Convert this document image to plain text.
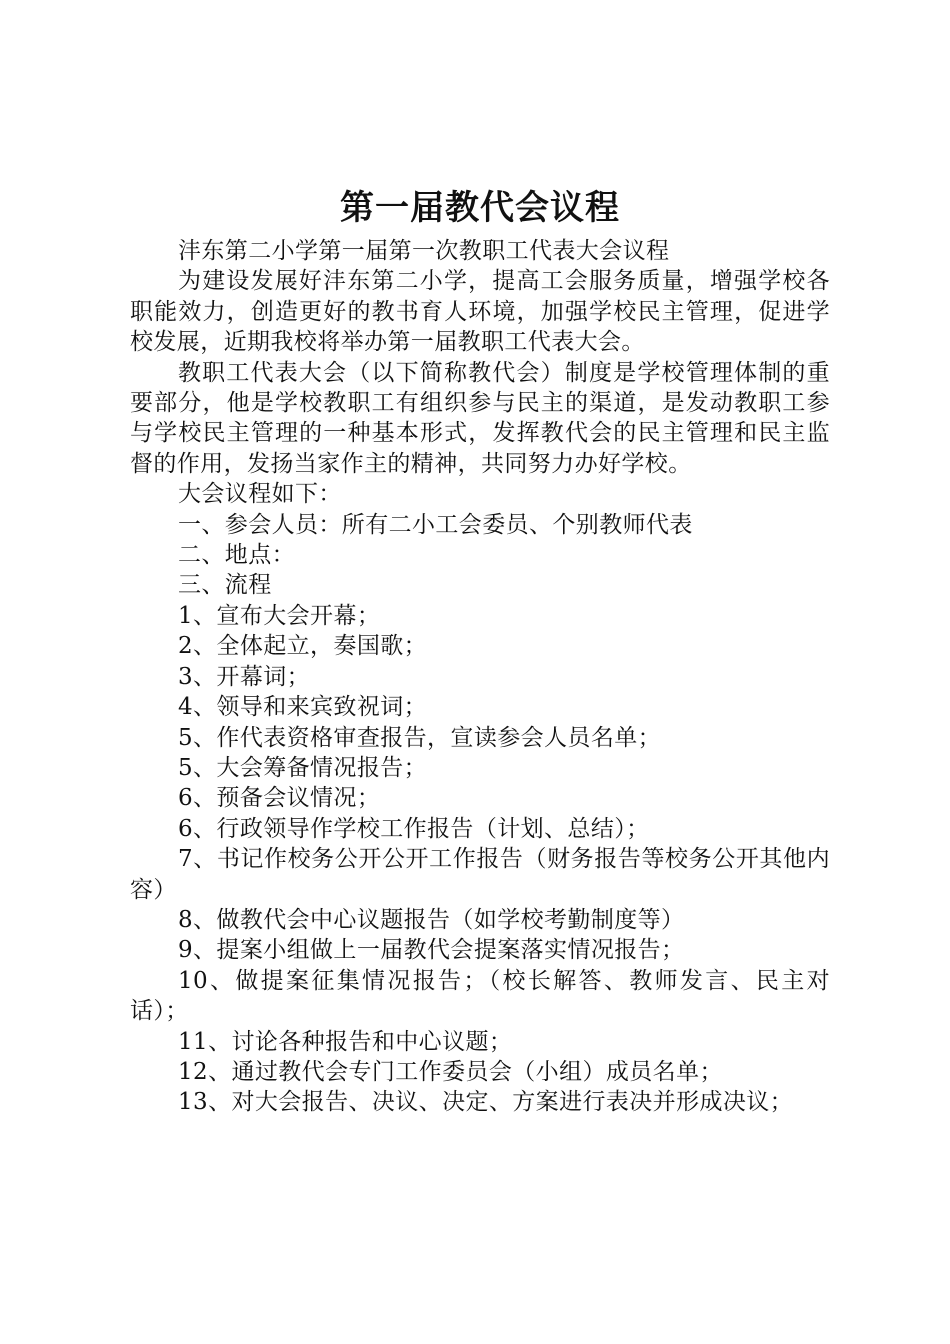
第一届教代会议程

沣东第二小学第一届第一次教职工代表大会议程

为建设发展好沣东第二小学，提高工会服务质量，增强学校各职能效力，创造更好的教书育人环境，加强学校民主管理，促进学校发展，近期我校将举办第一届教职工代表大会。

教职工代表大会（以下简称教代会）制度是学校管理体制的重要部分，他是学校教职工有组织参与民主的渠道，是发动教职工参与学校民主管理的一种基本形式，发挥教代会的民主管理和民主监督的作用，发扬当家作主的精神，共同努力办好学校。

大会议程如下：

一、参会人员：所有二小工会委员、个别教师代表

二、地点：

三、流程

1、宣布大会开幕；

2、全体起立，奏国歌；

3、开幕词；

4、领导和来宾致祝词；

5、作代表资格审查报告，宣读参会人员名单；

5、大会筹备情况报告；

6、预备会议情况；

6、行政领导作学校工作报告（计划、总结）；

7、书记作校务公开公开工作报告（财务报告等校务公开其他内容）

8、做教代会中心议题报告（如学校考勤制度等）

9、提案小组做上一届教代会提案落实情况报告；

10、做提案征集情况报告；（校长解答、教师发言、民主对话）；

11、讨论各种报告和中心议题；

12、通过教代会专门工作委员会（小组）成员名单；

13、对大会报告、决议、决定、方案进行表决并形成决议；
